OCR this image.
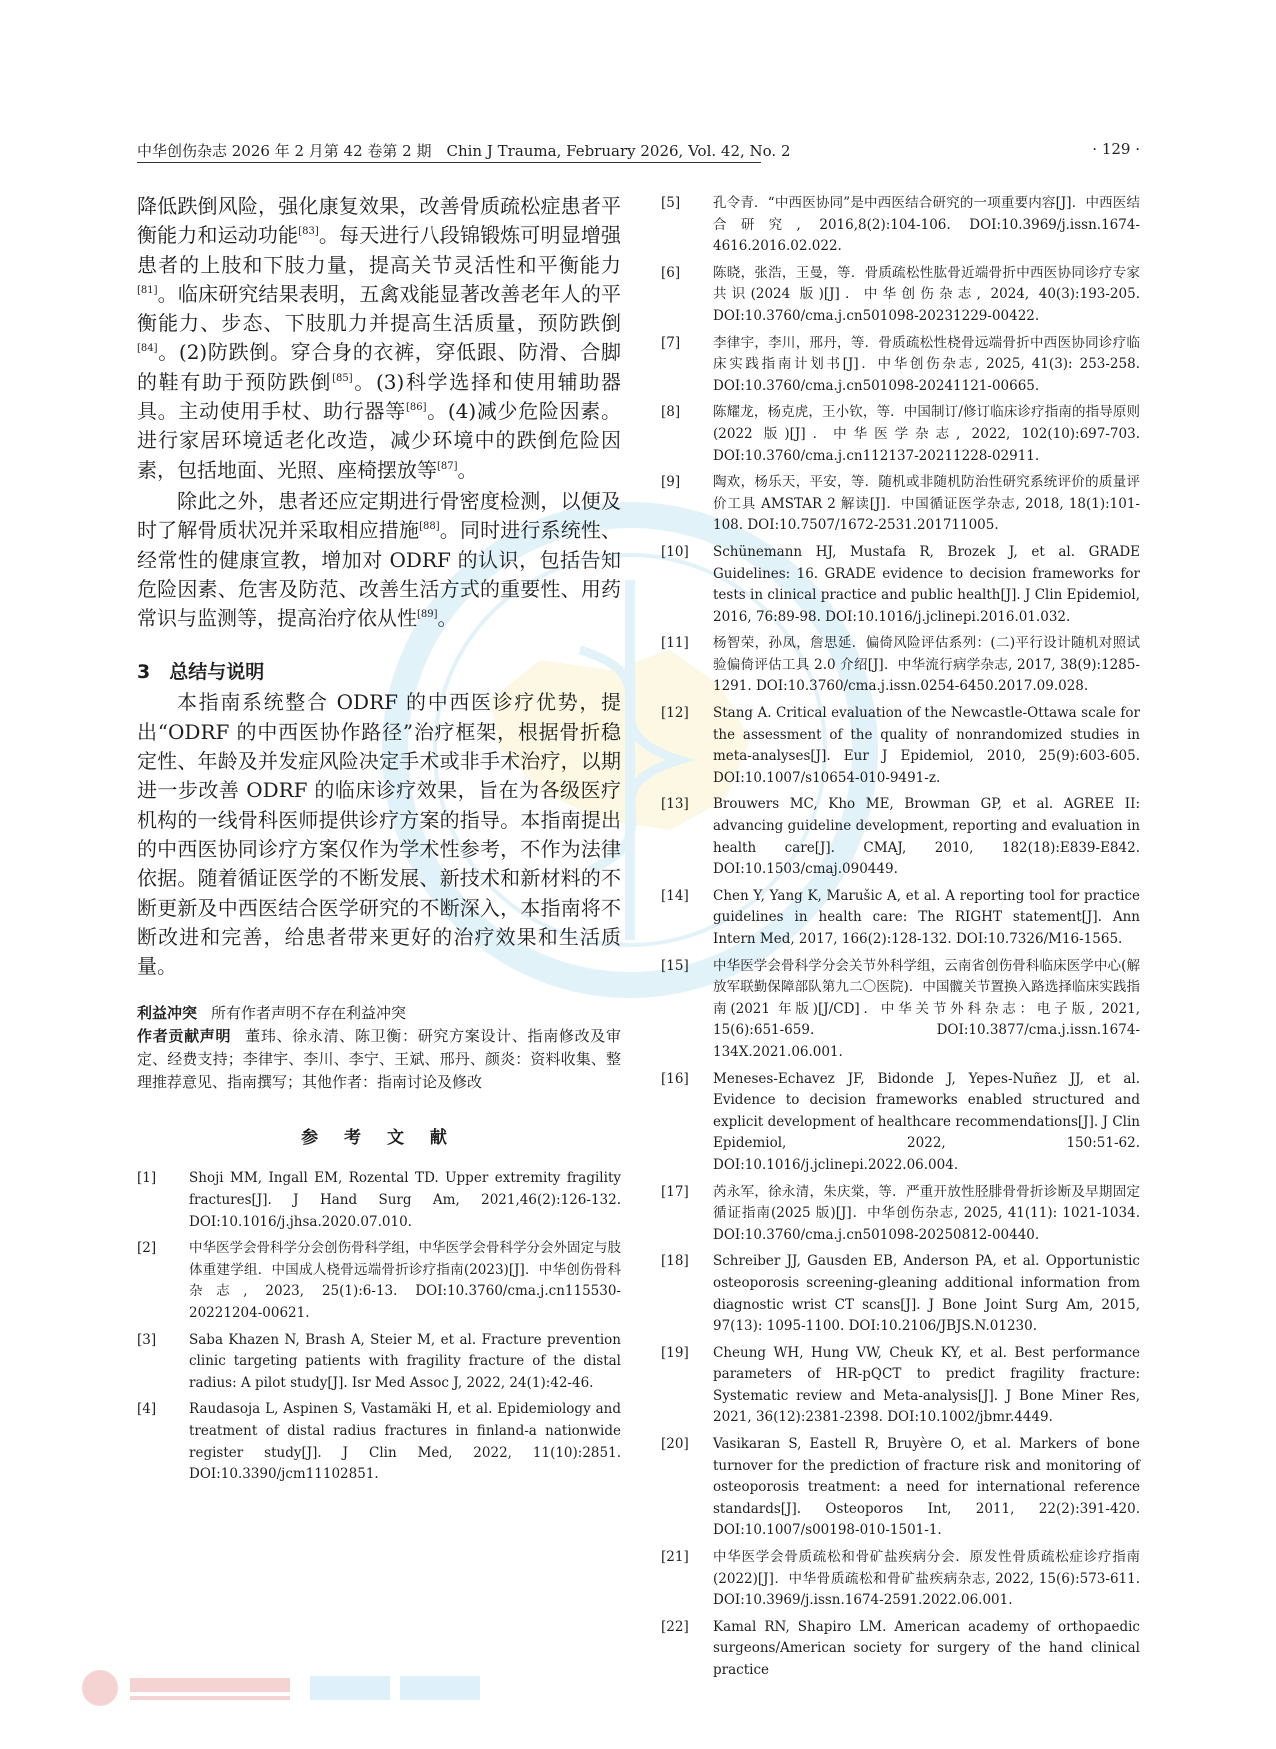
中华创伤杂志 2026 年 2 月第 42 卷第 2 期　Chin J Trauma, February 2026, Vol. 42, No. 2	· 129 ·

降低跌倒风险，强化康复效果，改善骨质疏松症患者平衡能力和运动功能[83]。每天进行八段锦锻炼可明显增强患者的上肢和下肢力量，提高关节灵活性和平衡能力[81]。临床研究结果表明，五禽戏能显著改善老年人的平衡能力、步态、下肢肌力并提高生活质量，预防跌倒[84]。(2)防跌倒。穿合身的衣裤，穿低跟、防滑、合脚的鞋有助于预防跌倒[85]。(3)科学选择和使用辅助器具。主动使用手杖、助行器等[86]。(4)减少危险因素。进行家居环境适老化改造，减少环境中的跌倒危险因素，包括地面、光照、座椅摆放等[87]。

除此之外，患者还应定期进行骨密度检测，以便及时了解骨质状况并采取相应措施[88]。同时进行系统性、经常性的健康宣教，增加对 ODRF 的认识，包括告知危险因素、危害及防范、改善生活方式的重要性、用药常识与监测等，提高治疗依从性[89]。

3　总结与说明

本指南系统整合 ODRF 的中西医诊疗优势，提出“ODRF 的中西医协作路径”治疗框架，根据骨折稳定性、年龄及并发症风险决定手术或非手术治疗，以期进一步改善 ODRF 的临床诊疗效果，旨在为各级医疗机构的一线骨科医师提供诊疗方案的指导。本指南提出的中西医协同诊疗方案仅作为学术性参考，不作为法律依据。随着循证医学的不断发展、新技术和新材料的不断更新及中西医结合医学研究的不断深入，本指南将不断改进和完善，给患者带来更好的治疗效果和生活质量。

利益冲突 所有作者声明不存在利益冲突

作者贡献声明 董玮、徐永清、陈卫衡：研究方案设计、指南修改及审定、经费支持；李律宇、李川、李宁、王斌、邢丹、颜炎：资料收集、整理推荐意见、指南撰写；其他作者：指南讨论及修改

参 考 文 献
[1] Shoji MM, Ingall EM, Rozental TD. Upper extremity fragility fractures[J]. J Hand Surg Am, 2021,46(2):126-132. DOI:10.1016/j.jhsa.2020.07.010.
[2] 中华医学会骨科学分会创伤骨科学组，中华医学会骨科学分会外固定与肢体重建学组．中国成人桡骨远端骨折诊疗指南(2023)[J]．中华创伤骨科杂志, 2023, 25(1):6-13. DOI:10.3760/cma.j.cn115530-20221204-00621.
[3] Saba Khazen N, Brash A, Steier M, et al. Fracture prevention clinic targeting patients with fragility fracture of the distal radius: A pilot study[J]. Isr Med Assoc J, 2022, 24(1):42-46.
[4] Raudasoja L, Aspinen S, Vastamäki H, et al. Epidemiology and treatment of distal radius fractures in finland-a nationwide register study[J]. J Clin Med, 2022, 11(10):2851. DOI:10.3390/jcm11102851.
[5] 孔令青．“中西医协同”是中西医结合研究的一项重要内容[J]．中西医结合研究, 2016,8(2):104-106. DOI:10.3969/j.issn.1674-4616.2016.02.022.
[6] 陈晓，张浩，王曼，等．骨质疏松性肱骨近端骨折中西医协同诊疗专家共识(2024 版)[J]．中华创伤杂志, 2024, 40(3):193-205. DOI:10.3760/cma.j.cn501098-20231229-00422.
[7] 李律宇，李川，邢丹，等．骨质疏松性桡骨远端骨折中西医协同诊疗临床实践指南计划书[J]．中华创伤杂志, 2025, 41(3): 253-258. DOI:10.3760/cma.j.cn501098-20241121-00665.
[8] 陈耀龙，杨克虎，王小钦，等．中国制订/修订临床诊疗指南的指导原则(2022 版)[J]．中华医学杂志, 2022, 102(10):697-703. DOI:10.3760/cma.j.cn112137-20211228-02911.
[9] 陶欢，杨乐天，平安，等．随机或非随机防治性研究系统评价的质量评价工具 AMSTAR 2 解读[J]．中国循证医学杂志, 2018, 18(1):101-108. DOI:10.7507/1672-2531.201711005.
[10] Schünemann HJ, Mustafa R, Brozek J, et al. GRADE Guidelines: 16. GRADE evidence to decision frameworks for tests in clinical practice and public health[J]. J Clin Epidemiol, 2016, 76:89-98. DOI:10.1016/j.jclinepi.2016.01.032.
[11] 杨智荣，孙凤，詹思延．偏倚风险评估系列：(二)平行设计随机对照试验偏倚评估工具 2.0 介绍[J]．中华流行病学杂志, 2017, 38(9):1285-1291. DOI:10.3760/cma.j.issn.0254-6450.2017.09.028.
[12] Stang A. Critical evaluation of the Newcastle-Ottawa scale for the assessment of the quality of nonrandomized studies in meta-analyses[J]. Eur J Epidemiol, 2010, 25(9):603-605. DOI:10.1007/s10654-010-9491-z.
[13] Brouwers MC, Kho ME, Browman GP, et al. AGREE II: advancing guideline development, reporting and evaluation in health care[J]. CMAJ, 2010, 182(18):E839-E842. DOI:10.1503/cmaj.090449.
[14] Chen Y, Yang K, Marušic A, et al. A reporting tool for practice guidelines in health care: The RIGHT statement[J]. Ann Intern Med, 2017, 166(2):128-132. DOI:10.7326/M16-1565.
[15] 中华医学会骨科学分会关节外科学组，云南省创伤骨科临床医学中心(解放军联勤保障部队第九二〇医院)．中国髋关节置换入路选择临床实践指南(2021 年版)[J/CD]．中华关节外科杂志：电子版, 2021, 15(6):651-659. DOI:10.3877/cma.j.issn.1674-134X.2021.06.001.
[16] Meneses-Echavez JF, Bidonde J, Yepes-Nuñez JJ, et al. Evidence to decision frameworks enabled structured and explicit development of healthcare recommendations[J]. J Clin Epidemiol, 2022, 150:51-62. DOI:10.1016/j.jclinepi.2022.06.004.
[17] 芮永军，徐永清，朱庆棠，等．严重开放性胫腓骨骨折诊断及早期固定循证指南(2025 版)[J]．中华创伤杂志, 2025, 41(11): 1021-1034. DOI:10.3760/cma.j.cn501098-20250812-00440.
[18] Schreiber JJ, Gausden EB, Anderson PA, et al. Opportunistic osteoporosis screening-gleaning additional information from diagnostic wrist CT scans[J]. J Bone Joint Surg Am, 2015, 97(13): 1095-1100. DOI:10.2106/JBJS.N.01230.
[19] Cheung WH, Hung VW, Cheuk KY, et al. Best performance parameters of HR-pQCT to predict fragility fracture: Systematic review and Meta-analysis[J]. J Bone Miner Res, 2021, 36(12):2381-2398. DOI:10.1002/jbmr.4449.
[20] Vasikaran S, Eastell R, Bruyère O, et al. Markers of bone turnover for the prediction of fracture risk and monitoring of osteoporosis treatment: a need for international reference standards[J]. Osteoporos Int, 2011, 22(2):391-420. DOI:10.1007/s00198-010-1501-1.
[21] 中华医学会骨质疏松和骨矿盐疾病分会．原发性骨质疏松症诊疗指南(2022)[J]．中华骨质疏松和骨矿盐疾病杂志, 2022, 15(6):573-611. DOI:10.3969/j.issn.1674-2591.2022.06.001.
[22] Kamal RN, Shapiro LM. American academy of orthopaedic surgeons/American society for surgery of the hand clinical practice
